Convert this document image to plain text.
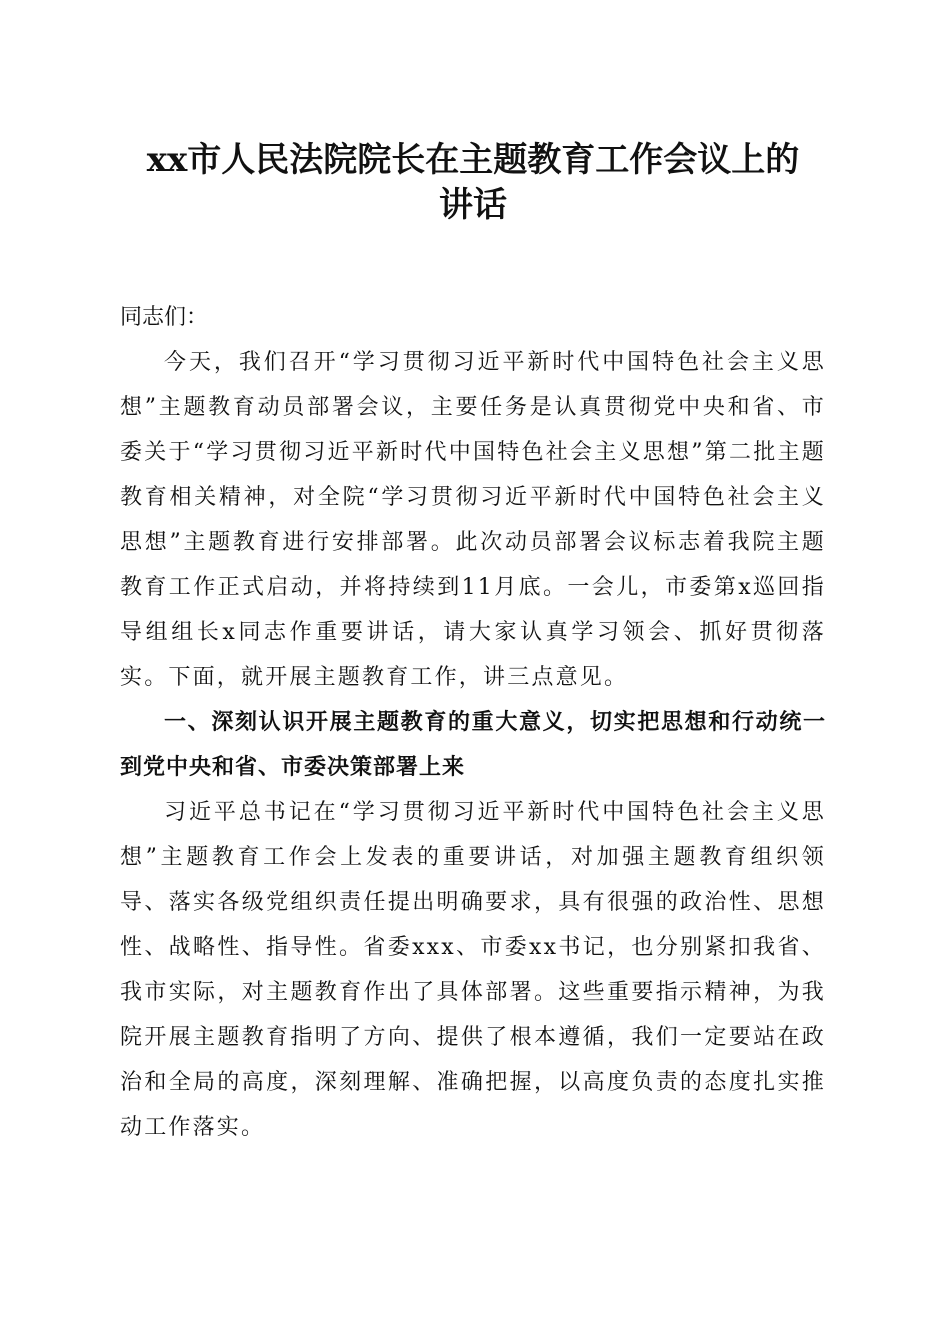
xx市人民法院院长在主题教育工作会议上的
讲话

同志们：

今天，我们召开“学习贯彻习近平新时代中国特色社会主义思想”主题教育动员部署会议，主要任务是认真贯彻党中央和省、市委关于“学习贯彻习近平新时代中国特色社会主义思想”第二批主题教育相关精神，对全院“学习贯彻习近平新时代中国特色社会主义思想”主题教育进行安排部署。此次动员部署会议标志着我院主题教育工作正式启动，并将持续到11月底。一会儿，市委第x巡回指导组组长x同志作重要讲话，请大家认真学习领会、抓好贯彻落实。下面，就开展主题教育工作，讲三点意见。

一、深刻认识开展主题教育的重大意义，切实把思想和行动统一到党中央和省、市委决策部署上来

习近平总书记在“学习贯彻习近平新时代中国特色社会主义思想”主题教育工作会上发表的重要讲话，对加强主题教育组织领导、落实各级党组织责任提出明确要求，具有很强的政治性、思想性、战略性、指导性。省委xxx、市委xx书记，也分别紧扣我省、我市实际，对主题教育作出了具体部署。这些重要指示精神，为我院开展主题教育指明了方向、提供了根本遵循，我们一定要站在政治和全局的高度，深刻理解、准确把握，以高度负责的态度扎实推动工作落实。
